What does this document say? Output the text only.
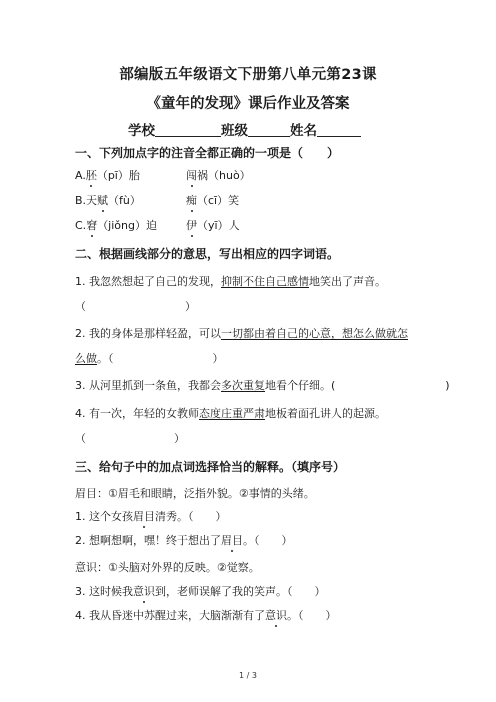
部编版五年级语文下册第八单元第23课
《童年的发现》课后作业及答案
学校	班级	姓名
一、下列加点字的注音全都正确的一项是（　　）
A.胚（pī）胎	闯祸（huò）
B.天赋（fù）	痴（cī）笑
C.窘（jiǒng）迫	伊（yī）人
二、根据画线部分的意思，写出相应的四字词语。
1. 我忽然想起了自己的发现，抑制不住自己感情地笑出了声音。
（　　　　　　　　　）
2. 我的身体是那样轻盈，可以一切都由着自己的心意，想怎么做就怎
么做。（　　　　　　　　　）
3. 从河里抓到一条鱼，我都会多次重复地看个仔细。(　　　　　　　　　　)
4. 有一次，年轻的女教师态度庄重严肃地板着面孔讲人的起源。
（　　　　　　　　）
三、给句子中的加点词选择恰当的解释。（填序号）
眉目：①眉毛和眼睛，泛指外貌。②事情的头绪。
1. 这个女孩眉目清秀。（　　）
2. 想啊想啊，嘿！终于想出了眉目。（　　）
意识：①头脑对外界的反映。②觉察。
3. 这时候我意识到，老师误解了我的笑声。（　　）
4. 我从昏迷中苏醒过来，大脑渐渐有了意识。（　　）
1 / 3
